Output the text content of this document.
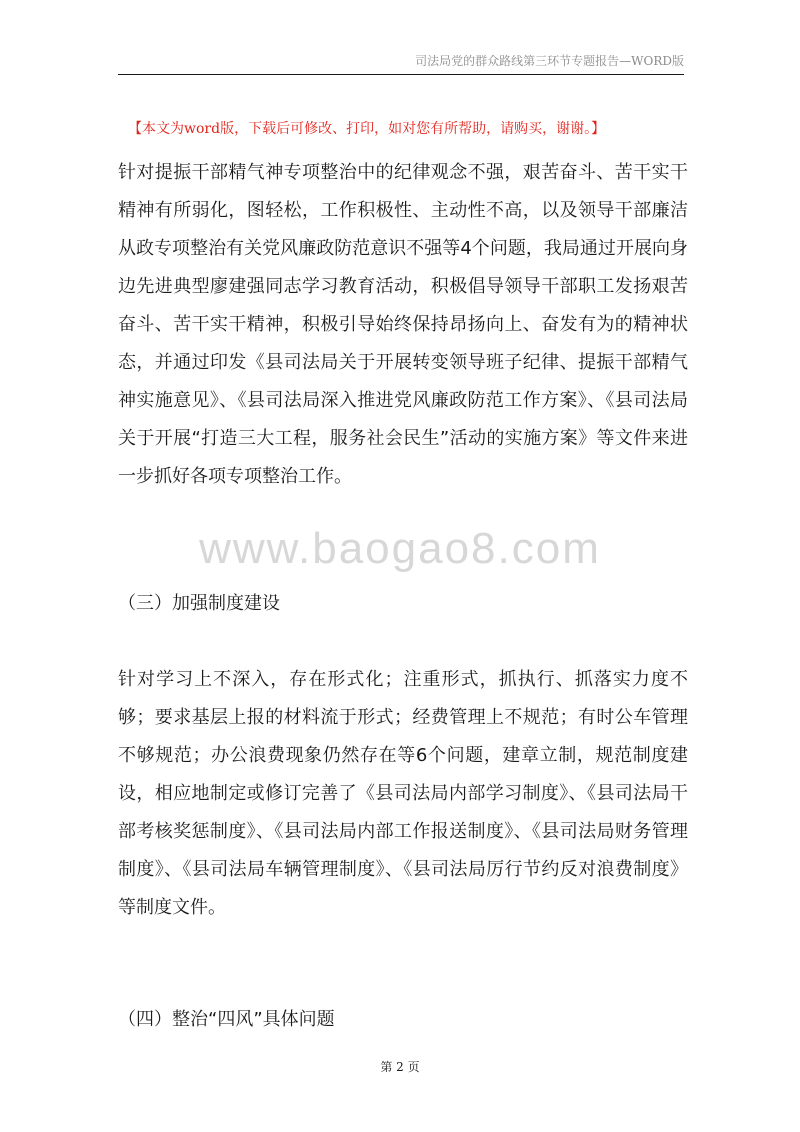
司法局党的群众路线第三环节专题报告—WORD版
【本文为word版，下载后可修改、打印，如对您有所帮助，请购买，谢谢。】
针对提振干部精气神专项整治中的纪律观念不强，艰苦奋斗、苦干实干精神有所弱化，图轻松，工作积极性、主动性不高，以及领导干部廉洁从政专项整治有关党风廉政防范意识不强等4个问题，我局通过开展向身边先进典型廖建强同志学习教育活动，积极倡导领导干部职工发扬艰苦奋斗、苦干实干精神，积极引导始终保持昂扬向上、奋发有为的精神状态，并通过印发《县司法局关于开展转变领导班子纪律、提振干部精气神实施意见》、《县司法局深入推进党风廉政防范工作方案》、《县司法局关于开展“打造三大工程，服务社会民生”活动的实施方案》等文件来进一步抓好各项专项整治工作。
www.baogao8.com
（三）加强制度建设
针对学习上不深入，存在形式化；注重形式，抓执行、抓落实力度不够；要求基层上报的材料流于形式；经费管理上不规范；有时公车管理不够规范；办公浪费现象仍然存在等6个问题，建章立制，规范制度建设，相应地制定或修订完善了《县司法局内部学习制度》、《县司法局干部考核奖惩制度》、《县司法局内部工作报送制度》、《县司法局财务管理制度》、《县司法局车辆管理制度》、《县司法局厉行节约反对浪费制度》等制度文件。
（四）整治“四风”具体问题
第 2 页
